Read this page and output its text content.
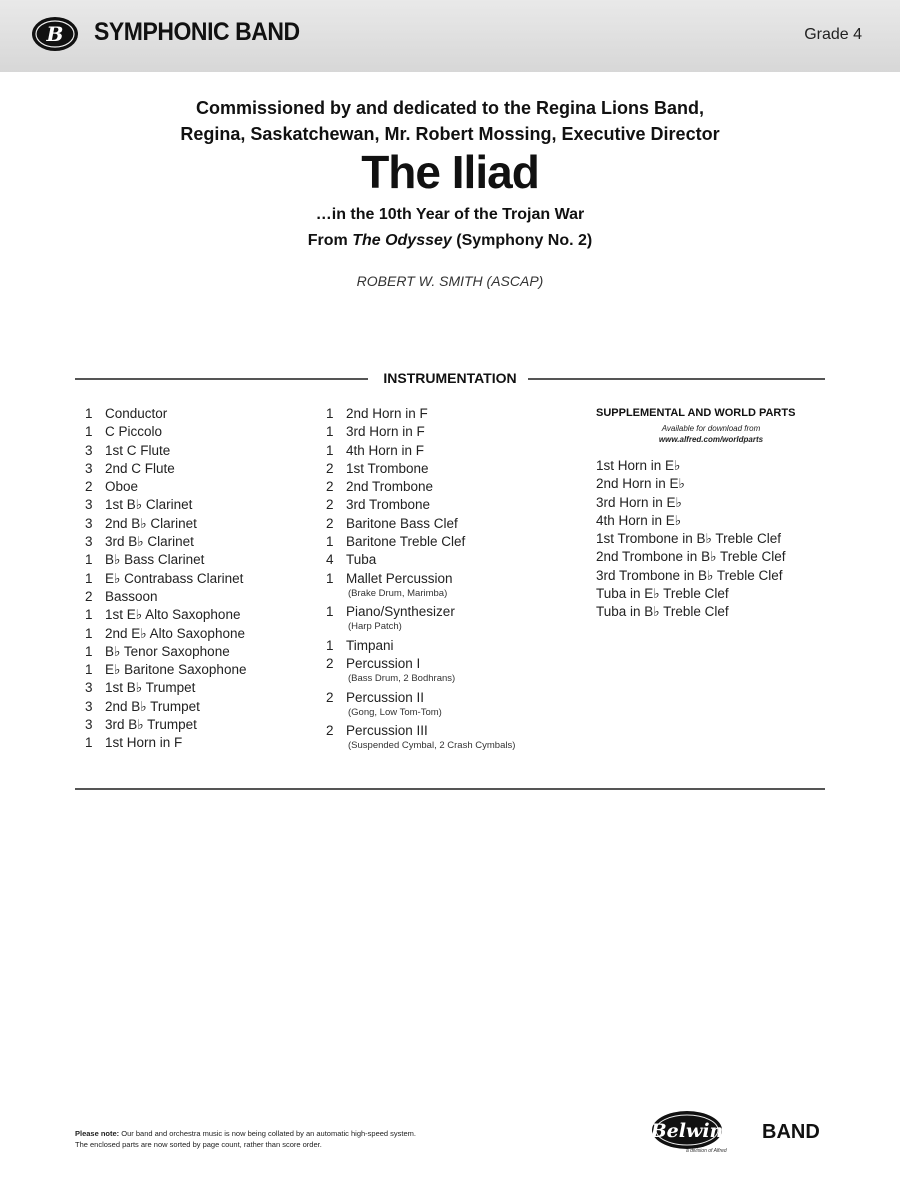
B SYMPHONIC BAND	Grade 4
Commissioned by and dedicated to the Regina Lions Band,
Regina, Saskatchewan, Mr. Robert Mossing, Executive Director
The Iliad
…in the 10th Year of the Trojan War
From The Odyssey (Symphony No. 2)
ROBERT W. SMITH (ASCAP)
INSTRUMENTATION
1 Conductor
1 C Piccolo
3 1st C Flute
3 2nd C Flute
2 Oboe
3 1st B♭ Clarinet
3 2nd B♭ Clarinet
3 3rd B♭ Clarinet
1 B♭ Bass Clarinet
1 E♭ Contrabass Clarinet
2 Bassoon
1 1st E♭ Alto Saxophone
1 2nd E♭ Alto Saxophone
1 B♭ Tenor Saxophone
1 E♭ Baritone Saxophone
3 1st B♭ Trumpet
3 2nd B♭ Trumpet
3 3rd B♭ Trumpet
1 1st Horn in F
1 2nd Horn in F
1 3rd Horn in F
1 4th Horn in F
2 1st Trombone
2 2nd Trombone
2 3rd Trombone
2 Baritone Bass Clef
1 Baritone Treble Clef
4 Tuba
1 Mallet Percussion
(Brake Drum, Marimba)
1 Piano/Synthesizer
(Harp Patch)
1 Timpani
2 Percussion I
(Bass Drum, 2 Bodhrans)
2 Percussion II
(Gong, Low Tom-Tom)
2 Percussion III
(Suspended Cymbal, 2 Crash Cymbals)
SUPPLEMENTAL AND WORLD PARTS
Available for download from
www.alfred.com/worldparts
1st Horn in E♭
2nd Horn in E♭
3rd Horn in E♭
4th Horn in E♭
1st Trombone in B♭ Treble Clef
2nd Trombone in B♭ Treble Clef
3rd Trombone in B♭ Treble Clef
Tuba in E♭ Treble Clef
Tuba in B♭ Treble Clef
Please note: Our band and orchestra music is now being collated by an automatic high-speed system.
The enclosed parts are now sorted by page count, rather than score order.
Belwin BAND
a division of Alfred
